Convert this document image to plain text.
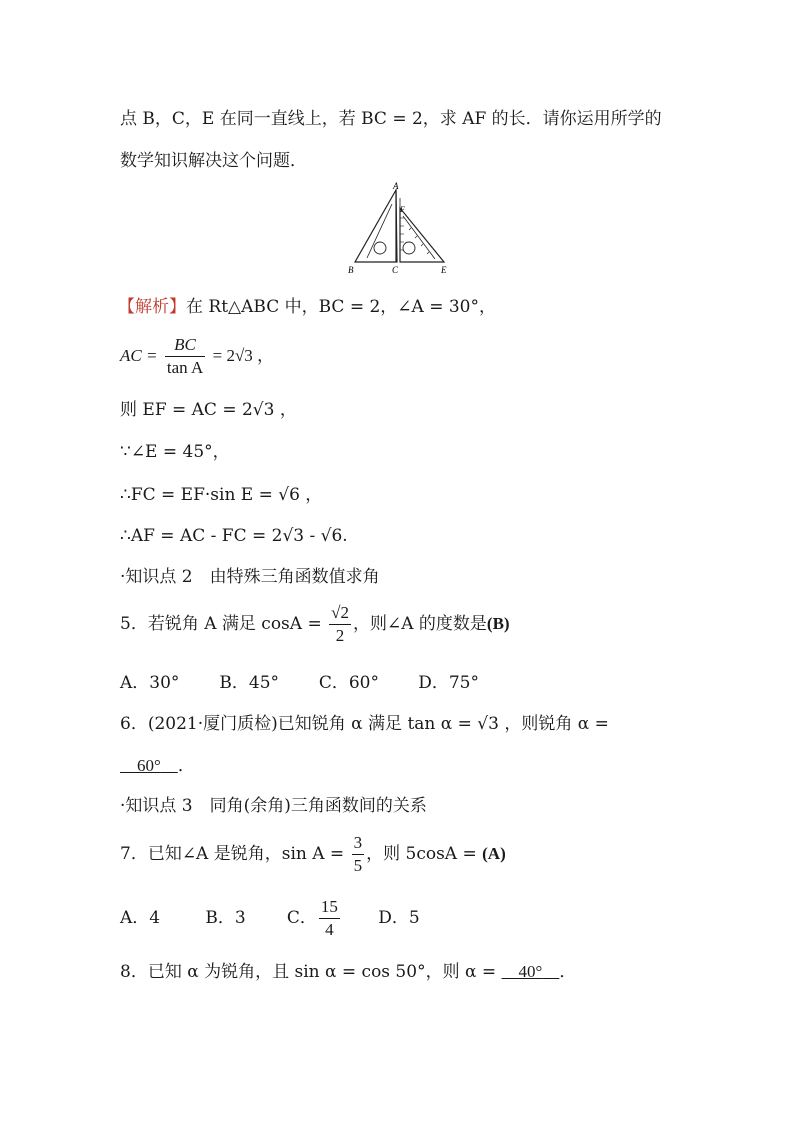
点 B，C，E 在同一直线上，若 BC = 2，求 AF 的长．请你运用所学的
数学知识解决这个问题．
A
B	C	E
F
【解析】在 Rt△ABC 中，BC = 2，∠A = 30°，
AC = $\frac{BC}{\text{tan A}} = 2√3$ ，
则 EF = AC = 2√3 ，
∵∠E = 45°，
∴FC = EF·sin E = √6 ，
∴AF = AC - FC = 2√3 - √6.
·知识点 2　由特殊三角函数值求角
5．若锐角 A 满足 $\cos A = \frac{√2}{2}$ ，则∠A 的度数是(B)
A．30° B．45° C．60° D．75°
6．(2021·厦门质检)已知锐角 α 满足 tan α = √3 ，则锐角 α =
 60°  ．
·知识点 3　同角(余角)三角函数间的关系
7．已知∠A 是锐角，$\sin A = \frac{3}{5}$ ，则 5cosA = (A)
A．4	B．3 C． $\frac{15}{4}$ D．5
8．已知 α 为锐角，且 sin α = cos 50°，则 α =    40°   ．
